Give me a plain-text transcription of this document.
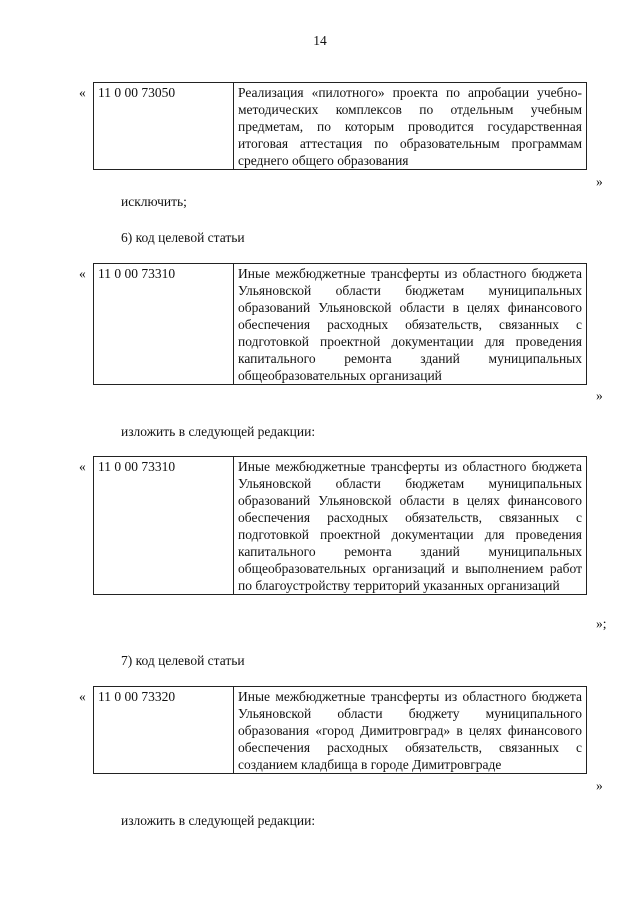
14
« 11 0 00 73050	Реализация «пилотного» проекта по апробации учебно-методических комплексов по отдельным учебным предметам, по которым проводится государственная итоговая аттестация по образовательным программам среднего общего образования
»
исключить;
6) код целевой статьи
« 11 0 00 73310	Иные межбюджетные трансферты из областного бюджета Ульяновской области бюджетам муниципальных образований Ульяновской области в целях финансового обеспечения расходных обязательств, связанных с подготовкой проектной документации для проведения капитального ремонта зданий муниципальных общеобразовательных организаций
»
изложить в следующей редакции:
« 11 0 00 73310	Иные межбюджетные трансферты из областного бюджета Ульяновской области бюджетам муниципальных образований Ульяновской области в целях финансового обеспечения расходных обязательств, связанных с подготовкой проектной документации для проведения капитального ремонта зданий муниципальных общеобразовательных организаций и выполнением работ по благоустройству территорий указанных организаций
»;
7) код целевой статьи
« 11 0 00 73320	Иные межбюджетные трансферты из областного бюджета Ульяновской области бюджету муниципального образования «город Димитровград» в целях финансового обеспечения расходных обязательств, связанных с созданием кладбища в городе Димитровграде
»
изложить в следующей редакции:
